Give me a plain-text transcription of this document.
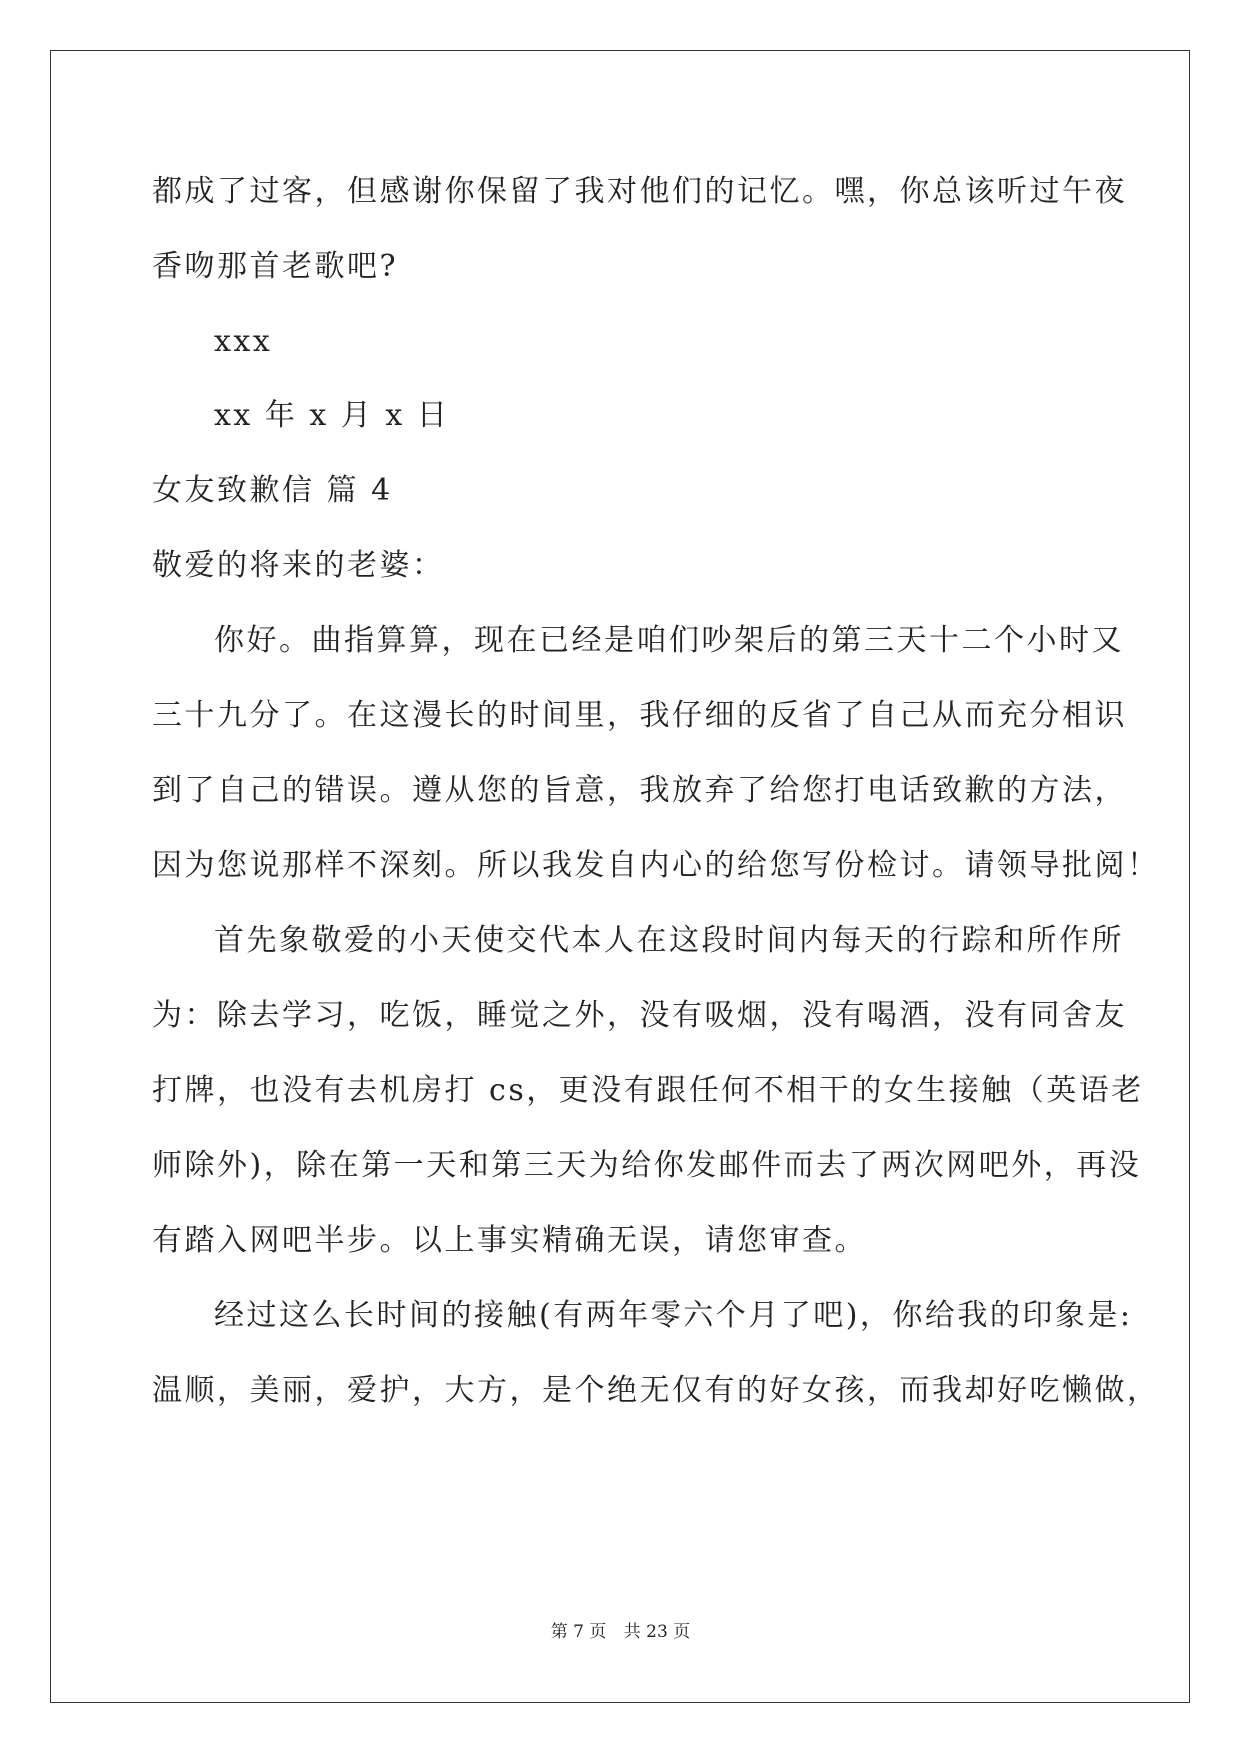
都成了过客，但感谢你保留了我对他们的记忆。嘿，你总该听过午夜
香吻那首老歌吧?
xxx
xx 年 x 月 x 日
女友致歉信 篇 4
敬爱的将来的老婆：
你好。曲指算算，现在已经是咱们吵架后的第三天十二个小时又
三十九分了。在这漫长的时间里，我仔细的反省了自己从而充分相识
到了自己的错误。遵从您的旨意，我放弃了给您打电话致歉的方法，
因为您说那样不深刻。所以我发自内心的给您写份检讨。请领导批阅！
首先象敬爱的小天使交代本人在这段时间内每天的行踪和所作所
为：除去学习，吃饭，睡觉之外，没有吸烟，没有喝酒，没有同舍友
打牌，也没有去机房打 cs，更没有跟任何不相干的女生接触（英语老
师除外)，除在第一天和第三天为给你发邮件而去了两次网吧外，再没
有踏入网吧半步。以上事实精确无误，请您审查。
经过这么长时间的接触(有两年零六个月了吧)，你给我的印象是:
温顺，美丽，爱护，大方，是个绝无仅有的好女孩，而我却好吃懒做，
第 7 页 共 23 页
